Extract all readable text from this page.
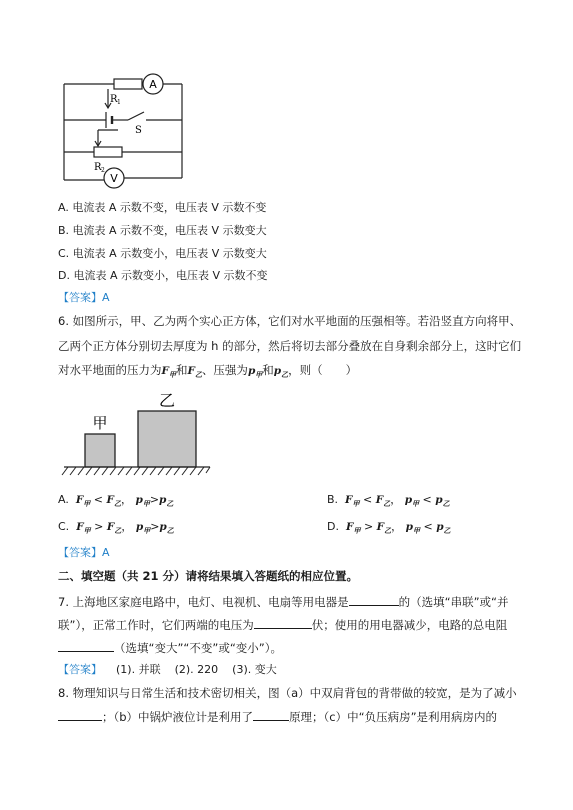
A
V
R 1
R 2
S
A. 电流表 A 示数不变，电压表 V 示数不变
B. 电流表 A 示数不变，电压表 V 示数变大
C. 电流表 A 示数变小，电压表 V 示数变大
D. 电流表 A 示数变小，电压表 V 示数不变
【答案】A
6. 如图所示，甲、乙为两个实心正方体，它们对水平地面的压强相等。若沿竖直方向将甲、
乙两个正方体分别切去厚度为 h 的部分，然后将切去部分叠放在自身剩余部分上，这时它们
对水平地面的压力为$F_甲$和$F_乙$、压强为$p_甲$和$p_乙$，则（　　）
甲
乙
A. $F_甲 < F_乙$， $p_甲>p_乙$	B. $F_甲 < F_乙$， $p_甲 < p_乙$
C. $F_甲 > F_乙$， $p_甲>p_乙$	D. $F_甲 > F_乙$， $p_甲 < p_乙$
【答案】A
二、填空题（共 21 分）请将结果填入答题纸的相应位置。
7. 上海地区家庭电路中，电灯、电视机、电扇等用电器是	的（选填“串联”或“并
联”），正常工作时，它们两端的电压为	伏；使用的用电器减少，电路的总电阻
（选填“变大”“不变”或“变小”）。
【答案】 (1). 并联 (2). 220 (3). 变大
8. 物理知识与日常生活和技术密切相关，图（a）中双肩背包的背带做的较宽，是为了减小
；（b）中锅炉液位计是利用了	原理；（c）中“负压病房”是利用病房内的
